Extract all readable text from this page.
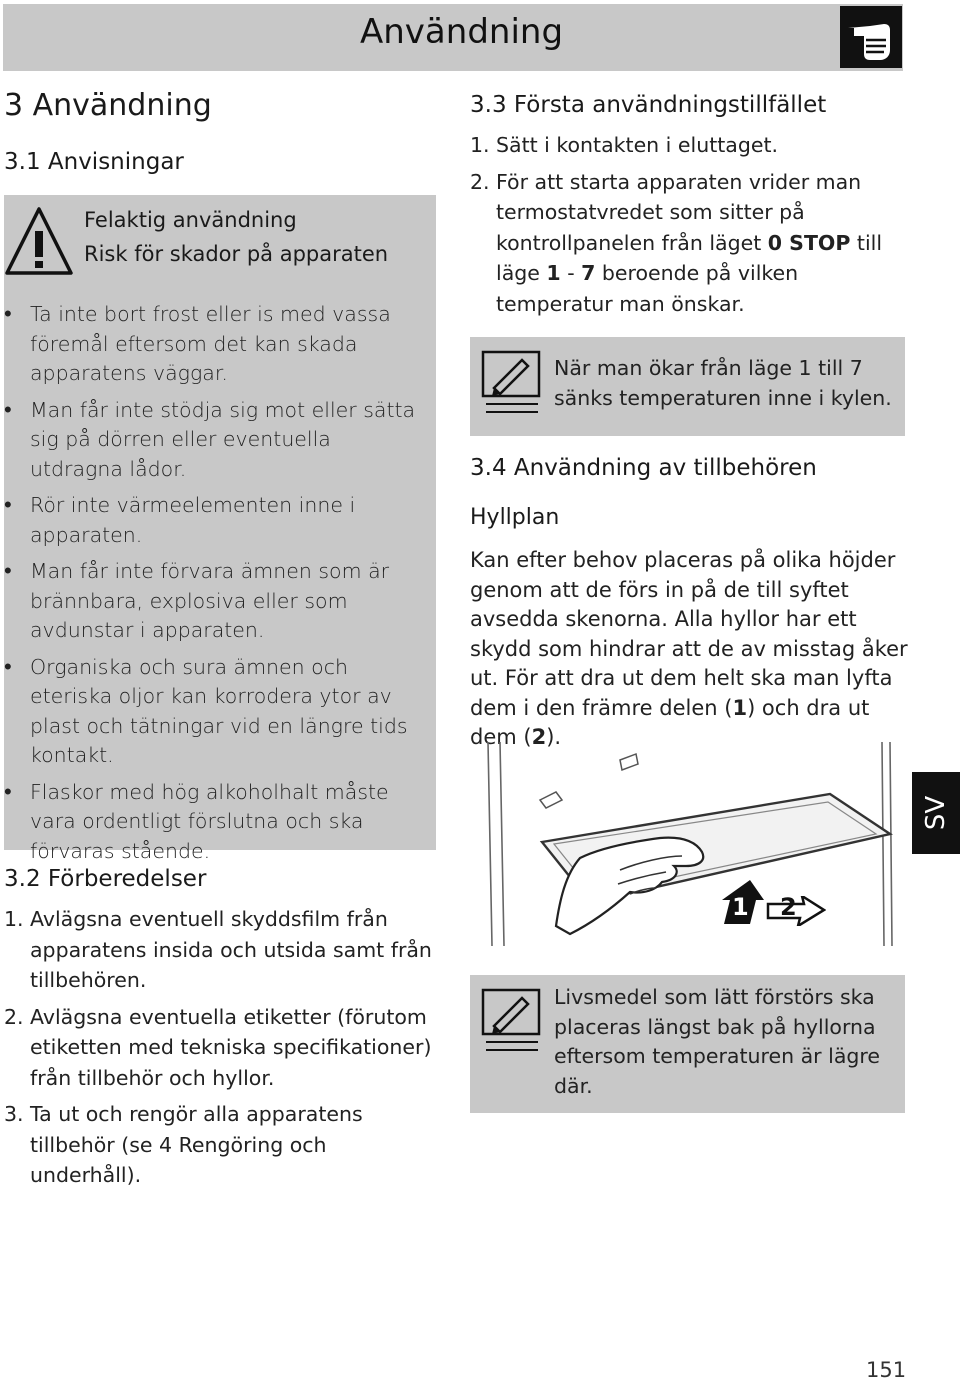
Användning
3 Användning
3.1 Anvisningar
Felaktig användning
Risk för skador på apparaten
• Ta inte bort frost eller is med vassa föremål eftersom det kan skada apparatens väggar.
• Man får inte stödja sig mot eller sätta sig på dörren eller eventuella utdragna lådor.
• Rör inte värmeelementen inne i apparaten.
• Man får inte förvara ämnen som är brännbara, explosiva eller som avdunstar i apparaten.
• Organiska och sura ämnen och eteriska oljor kan korrodera ytor av plast och tätningar vid en längre tids kontakt.
• Flaskor med hög alkoholhalt måste vara ordentligt förslutna och ska förvaras stående.
3.2 Förberedelser
1. Avlägsna eventuell skyddsfilm från apparatens insida och utsida samt från tillbehören.
2. Avlägsna eventuella etiketter (förutom etiketten med tekniska specifikationer) från tillbehör och hyllor.
3. Ta ut och rengör alla apparatens tillbehör (se 4 Rengöring och underhåll).
3.3 Första användningstillfället
1. Sätt i kontakten i eluttaget.
2. För att starta apparaten vrider man termostatvredet som sitter på kontrollpanelen från läget 0 STOP till läge 1 - 7 beroende på vilken temperatur man önskar.
När man ökar från läge 1 till 7 sänks temperaturen inne i kylen.
3.4 Användning av tillbehören
Hyllplan
Kan efter behov placeras på olika höjder genom att de förs in på de till syftet avsedda skenorna. Alla hyllor har ett skydd som hindrar att de av misstag åker ut. För att dra ut dem helt ska man lyfta dem i den främre delen (1) och dra ut dem (2).
1 2
Livsmedel som lätt förstörs ska placeras längst bak på hyllorna eftersom temperaturen är lägre där.
SV
151
